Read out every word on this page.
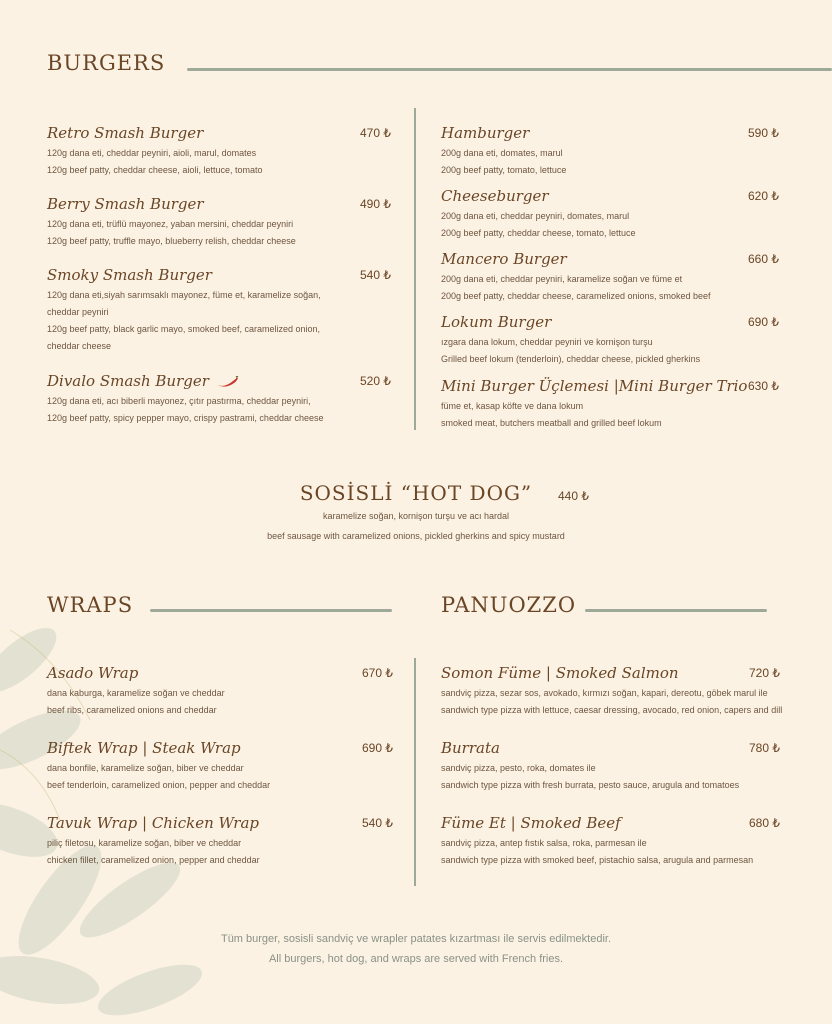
BURGERS
Retro Smash Burger	470 ₺
120g dana eti, cheddar peyniri, aioli, marul, domates
120g beef patty, cheddar cheese, aioli, lettuce, tomato
Berry Smash Burger	490 ₺
120g dana eti, trüflü mayonez, yaban mersini, cheddar peyniri
120g beef patty, truffle mayo, blueberry relish, cheddar cheese
Smoky Smash Burger	540 ₺
120g dana eti,siyah sarımsaklı mayonez, füme et, karamelize soğan,
cheddar peyniri
120g beef patty, black garlic mayo, smoked beef, caramelized onion,
cheddar cheese
Divalo Smash Burger	520 ₺
120g dana eti, acı biberli mayonez, çıtır pastırma, cheddar peyniri,
120g beef patty, spicy pepper mayo, crispy pastrami, cheddar cheese
Hamburger	590 ₺
200g dana eti, domates, marul
200g beef patty, tomato, lettuce
Cheeseburger	620 ₺
200g dana eti, cheddar peyniri, domates, marul
200g beef patty, cheddar cheese, tomato, lettuce
Mancero Burger	660 ₺
200g dana eti, cheddar peyniri, karamelize soğan ve füme et
200g beef patty, cheddar cheese, caramelized onions, smoked beef
Lokum Burger	690 ₺
ızgara dana lokum, cheddar peyniri ve kornişon turşu
Grilled beef lokum (tenderloin), cheddar cheese, pickled gherkins
Mini Burger Üçlemesi |Mini Burger Trio 630 ₺
füme et, kasap köfte ve dana lokum
smoked meat, butchers meatball and grilled beef lokum
SOSİSLİ “HOT DOG”	440 ₺
karamelize soğan, kornişon turşu ve acı hardal
beef sausage with caramelized onions, pickled gherkins and spicy mustard
WRAPS	PANUOZZO
Asado Wrap	670 ₺
dana kaburga, karamelize soğan ve cheddar
beef ribs, caramelized onions and cheddar
Biftek Wrap | Steak Wrap	690 ₺
dana bonfile, karamelize soğan, biber ve cheddar
beef tenderloin, caramelized onion, pepper and cheddar
Tavuk Wrap | Chicken Wrap	540 ₺
piliç filetosu, karamelize soğan, biber ve cheddar
chicken fillet, caramelized onion, pepper and cheddar
Somon Füme | Smoked Salmon	720 ₺
sandviç pizza, sezar sos, avokado, kırmızı soğan, kapari, dereotu, göbek marul ile
sandwich type pizza with lettuce, caesar dressing, avocado, red onion, capers and dill
Burrata	780 ₺
sandviç pizza, pesto, roka, domates ile
sandwich type pizza with fresh burrata, pesto sauce, arugula and tomatoes
Füme Et | Smoked Beef	680 ₺
sandviç pizza, antep fıstık salsa, roka, parmesan ile
sandwich type pizza with smoked beef, pistachio salsa, arugula and parmesan
Tüm burger, sosisli sandviç ve wrapler patates kızartması ile servis edilmektedir.
All burgers, hot dog, and wraps are served with French fries.
